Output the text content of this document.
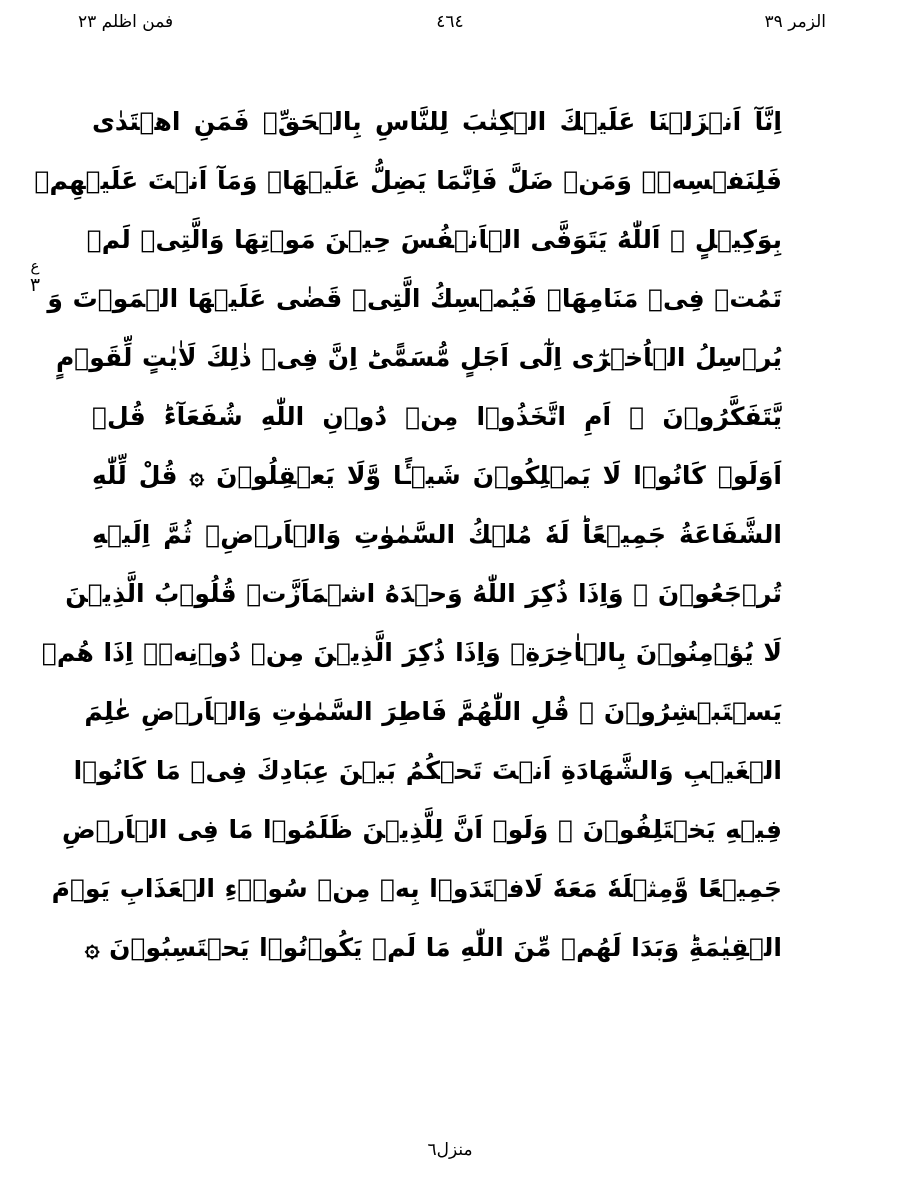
فمن اظلم ٢٣	٤٦٤	الزمر ٣٩
ع
٣
اِنَّآ اَنۡزَلۡنَا عَلَيۡكَ الۡكِتٰبَ لِلنَّاسِ بِالۡحَقِّ​ۚ فَمَنِ اهۡتَدٰى
فَلِنَفۡسِهٖ​ۚ وَمَنۡ ضَلَّ فَاِنَّمَا يَضِلُّ عَلَيۡهَا​ۚ وَمَآ اَنۡتَ عَلَيۡهِمۡ
بِوَكِيۡلٍ ۞ اَللّٰهُ يَتَوَفَّى الۡاَنۡفُسَ حِيۡنَ مَوۡتِهَا وَالَّتِىۡ لَمۡ
تَمُتۡ فِىۡ مَنَامِهَا​ۚ فَيُمۡسِكُ الَّتِىۡ قَضٰى عَلَيۡهَا الۡمَوۡتَ وَ
يُرۡسِلُ الۡاُخۡرٰٓى اِلٰٓى اَجَلٍ مُّسَمًّى​ؕ اِنَّ فِىۡ ذٰلِكَ لَاٰيٰتٍ لِّقَوۡمٍ
يَّتَفَكَّرُوۡنَ ۞ اَمِ اتَّخَذُوۡا مِنۡ دُوۡنِ اللّٰهِ شُفَعَآءَ​ؕ قُلۡ
اَوَلَوۡ كَانُوۡا لَا يَمۡلِكُوۡنَ شَيۡـًٔا وَّلَا يَعۡقِلُوۡنَ ۞ قُلْ لِّلّٰهِ
الشَّفَاعَةُ جَمِيۡعًا​ؕ لَهٗ مُلۡكُ السَّمٰوٰتِ وَالۡاَرۡضِ​ۚ ثُمَّ اِلَيۡهِ
تُرۡجَعُوۡنَ ۞ وَاِذَا ذُكِرَ اللّٰهُ وَحۡدَهُ اشۡمَاَزَّتۡ قُلُوۡبُ الَّذِيۡنَ
لَا يُؤۡمِنُوۡنَ بِالۡاٰخِرَةِ​ۚ وَاِذَا ذُكِرَ الَّذِيۡنَ مِنۡ دُوۡنِهٖۤ اِذَا هُمۡ
يَسۡتَبۡشِرُوۡنَ ۞ قُلِ اللّٰهُمَّ فَاطِرَ السَّمٰوٰتِ وَالۡاَرۡضِ عٰلِمَ
الۡغَيۡبِ وَالشَّهَادَةِ اَنۡتَ تَحۡكُمُ بَيۡنَ عِبَادِكَ فِىۡ مَا كَانُوۡا
فِيۡهِ يَخۡتَلِفُوۡنَ ۞ وَلَوۡ اَنَّ لِلَّذِيۡنَ ظَلَمُوۡا مَا فِى الۡاَرۡضِ
جَمِيۡعًا وَّمِثۡلَهٗ مَعَهٗ لَافۡتَدَوۡا بِهٖ مِنۡ سُوۡۤءِ الۡعَذَابِ يَوۡمَ
الۡقِيٰمَةِ​ؕ وَبَدَا لَهُمۡ مِّنَ اللّٰهِ مَا لَمۡ يَكُوۡنُوۡا يَحۡتَسِبُوۡنَ ۞
منزل٦
